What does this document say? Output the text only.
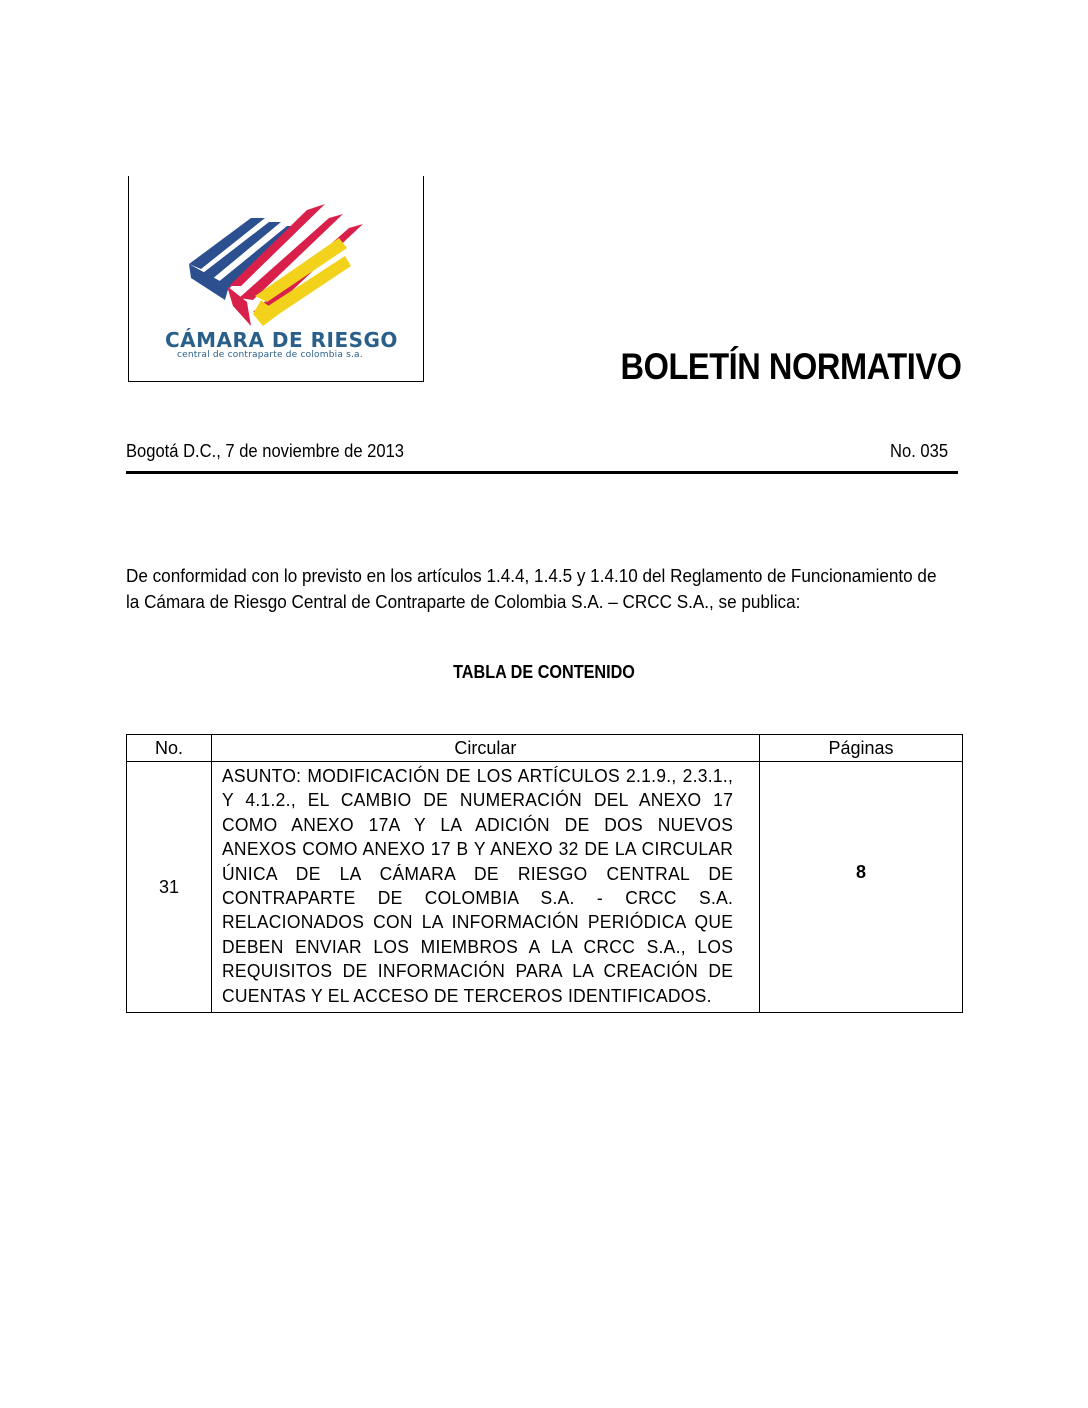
CÁMARA DE RIESGO
central de contraparte de colombia s.a.	BOLETÍN NORMATIVO
Bogotá D.C., 7 de noviembre de 2013	No. 035

De conformidad con lo previsto en los artículos 1.4.4, 1.4.5 y 1.4.10 del Reglamento de Funcionamiento de

la Cámara de Riesgo Central de Contraparte de Colombia S.A. – CRCC S.A., se publica:

TABLA DE CONTENIDO
No.	Circular	Páginas
31	ASUNTO: MODIFICACIÓN DE LOS ARTÍCULOS 2.1.9., 2.3.1., Y 4.1.2., EL CAMBIO DE NUMERACIÓN DEL ANEXO 17 COMO ANEXO 17A Y LA ADICIÓN DE DOS NUEVOS ANEXOS COMO ANEXO 17 B Y ANEXO 32 DE LA CIRCULAR ÚNICA DE LA CÁMARA DE RIESGO CENTRAL DE CONTRAPARTE DE COLOMBIA S.A. - CRCC S.A. RELACIONADOS CON LA INFORMACIÓN PERIÓDICA QUE DEBEN ENVIAR LOS MIEMBROS A LA CRCC S.A., LOS REQUISITOS DE INFORMACIÓN PARA LA CREACIÓN DE CUENTAS Y EL ACCESO DE TERCEROS IDENTIFICADOS.	8
